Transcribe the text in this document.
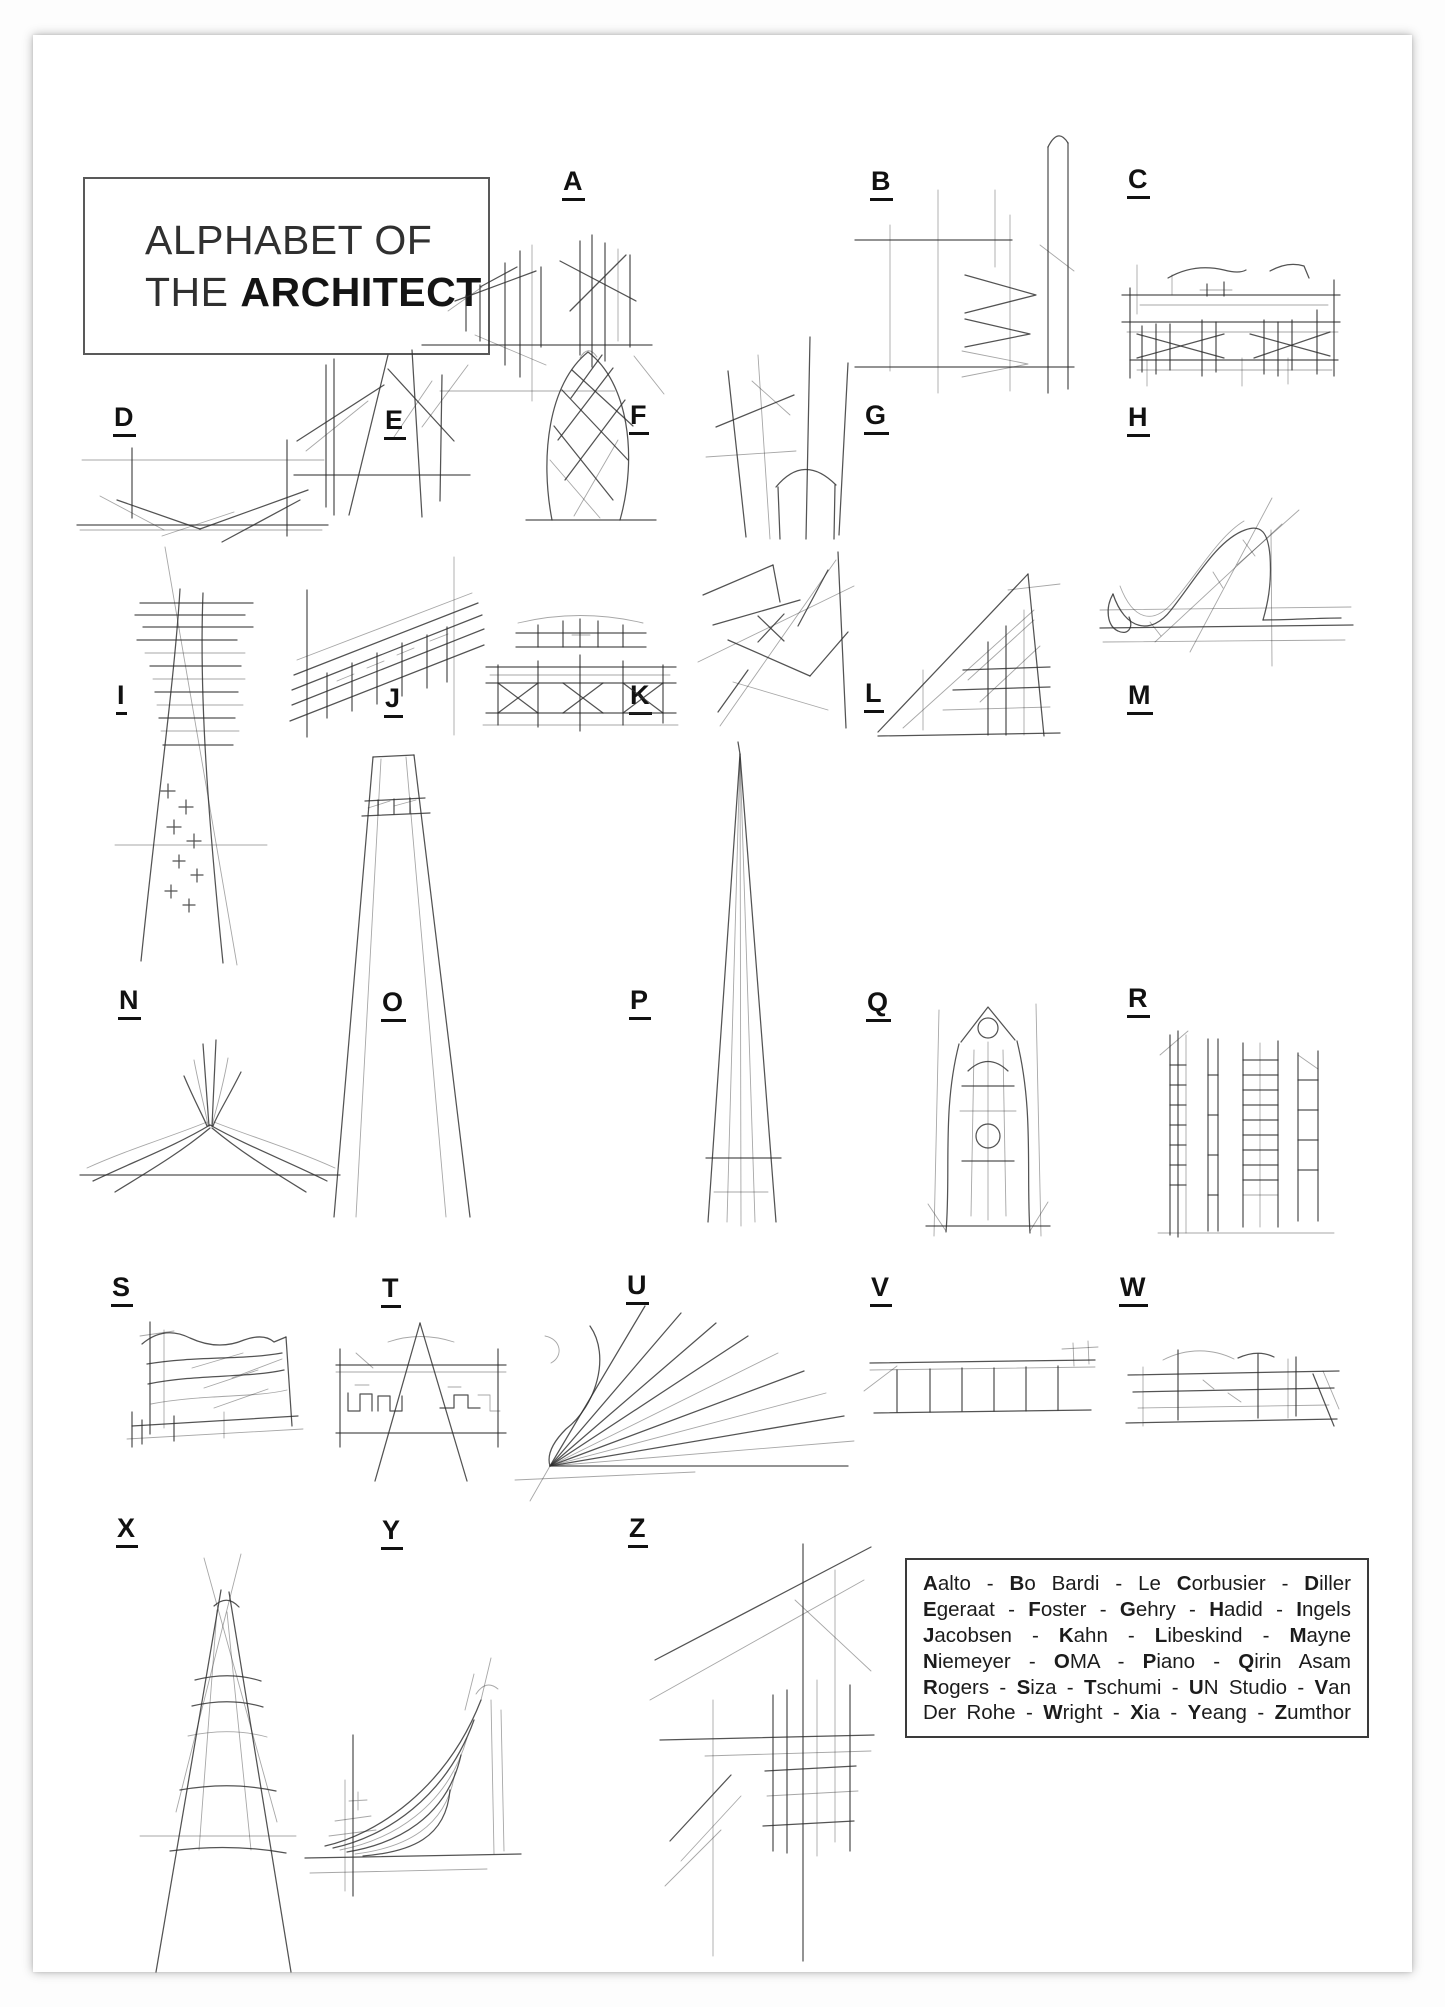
ALPHABET OF
THE ARCHITECT
A	B	C
D	E	F	G	H
I	J	K	L	M
N	O	P	Q	R
S	T	U	V	W
X	Y	Z
Aalto - Bo Bardi - Le Corbusier - Diller
Egeraat - Foster - Gehry - Hadid - Ingels
Jacobsen - Kahn - Libeskind - Mayne
Niemeyer - OMA - Piano - Qirin Asam
Rogers - Siza - Tschumi - UN Studio - Van
Der Rohe - Wright - Xia - Yeang - Zumthor
